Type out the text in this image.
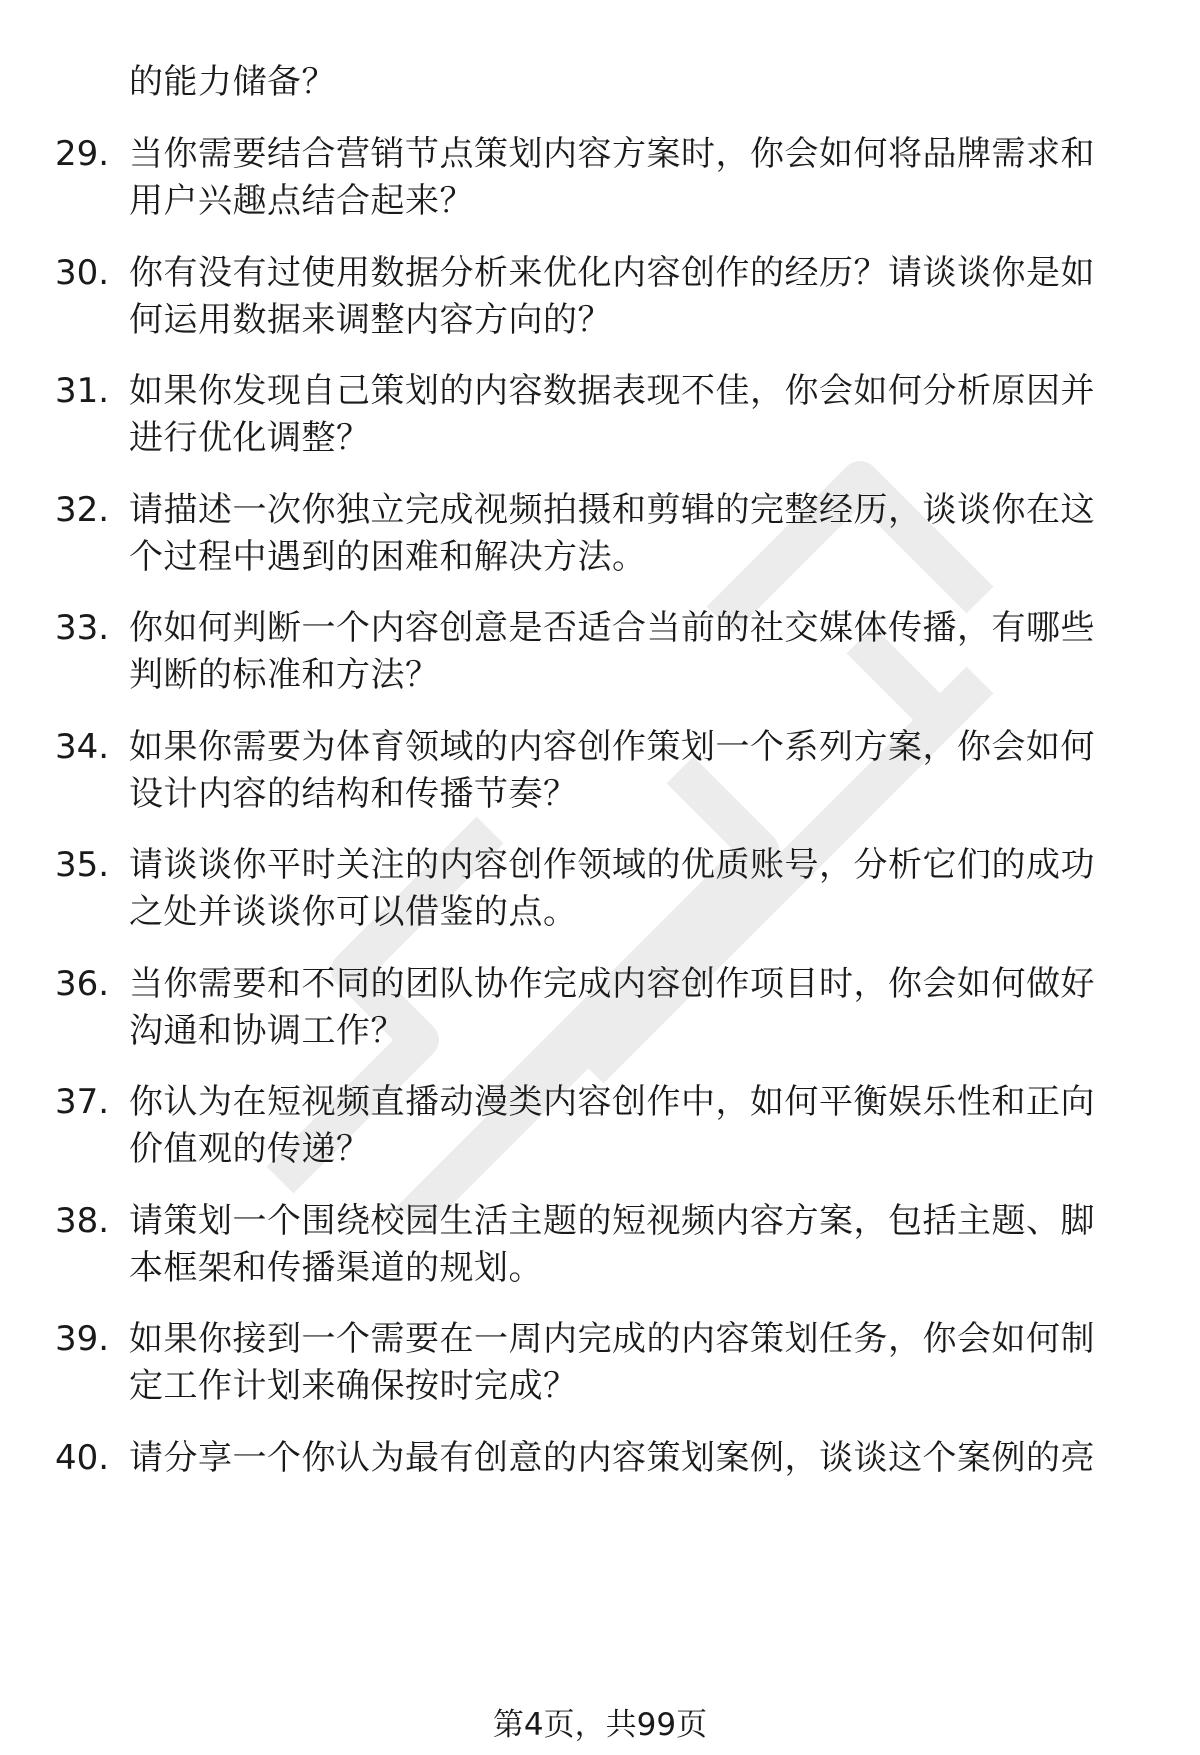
的能力储备？
29. 当你需要结合营销节点策划内容方案时，你会如何将品牌需求和
用户兴趣点结合起来？
30. 你有没有过使用数据分析来优化内容创作的经历？请谈谈你是如
何运用数据来调整内容方向的？
31. 如果你发现自己策划的内容数据表现不佳，你会如何分析原因并
进行优化调整？
32. 请描述一次你独立完成视频拍摄和剪辑的完整经历，谈谈你在这
个过程中遇到的困难和解决方法。
33. 你如何判断一个内容创意是否适合当前的社交媒体传播，有哪些
判断的标准和方法？
34. 如果你需要为体育领域的内容创作策划一个系列方案，你会如何
设计内容的结构和传播节奏？
35. 请谈谈你平时关注的内容创作领域的优质账号，分析它们的成功
之处并谈谈你可以借鉴的点。
36. 当你需要和不同的团队协作完成内容创作项目时，你会如何做好
沟通和协调工作？
37. 你认为在短视频直播动漫类内容创作中，如何平衡娱乐性和正向
价值观的传递？
38. 请策划一个围绕校园生活主题的短视频内容方案，包括主题、脚
本框架和传播渠道的规划。
39. 如果你接到一个需要在一周内完成的内容策划任务，你会如何制
定工作计划来确保按时完成？
40. 请分享一个你认为最有创意的内容策划案例，谈谈这个案例的亮
第4页，共99页
